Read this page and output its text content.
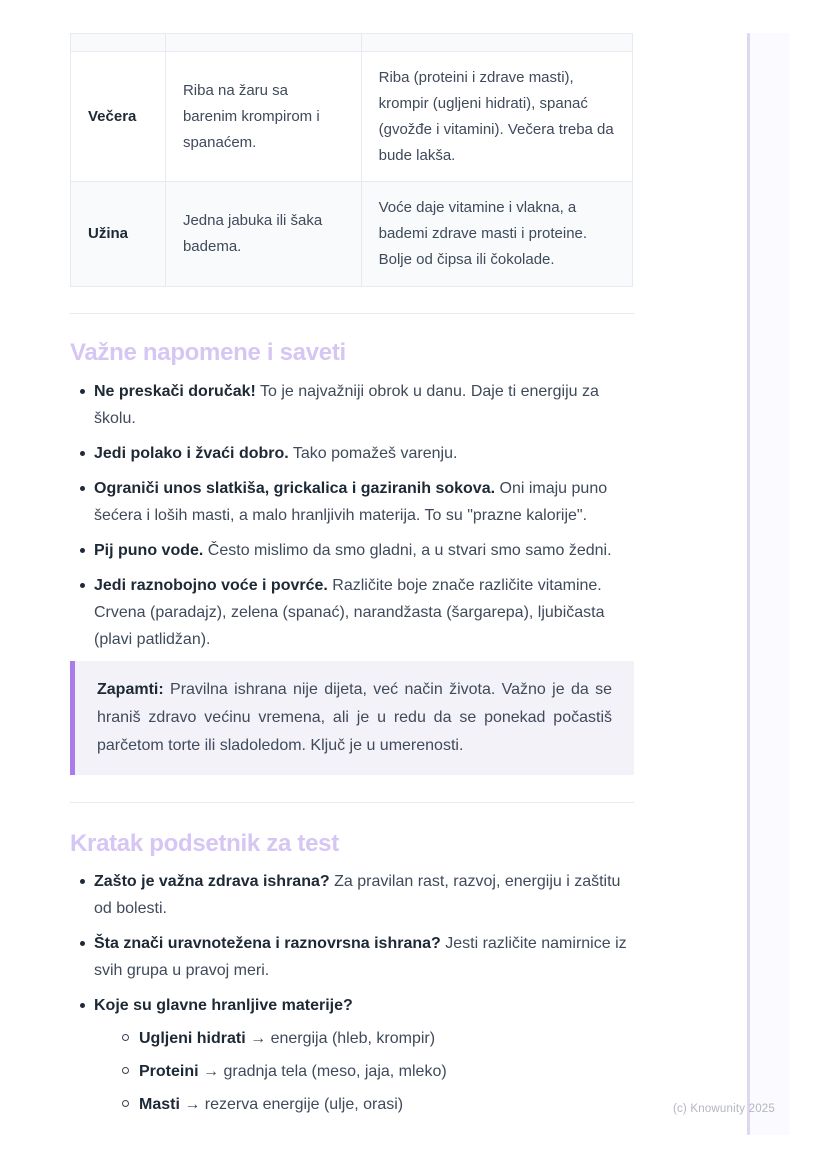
Večera	Riba na žaru sa barenim krompirom i spanaćem.	Riba (proteini i zdrave masti), krompir (ugljeni hidrati), spanać (gvožđe i vitamini). Večera treba da bude lakša.
Užina	Jedna jabuka ili šaka badema.	Voće daje vitamine i vlakna, a bademi zdrave masti i proteine. Bolje od čipsa ili čokolade.
Važne napomene i saveti
Ne preskači doručak! To je najvažniji obrok u danu. Daje ti energiju za školu.
Jedi polako i žvaći dobro. Tako pomažeš varenju.
Ograniči unos slatkiša, grickalica i gaziranih sokova. Oni imaju puno šećera i loših masti, a malo hranljivih materija. To su "prazne kalorije".
Pij puno vode. Često mislimo da smo gladni, a u stvari smo samo žedni.
Jedi raznobojno voće i povrće. Različite boje znače različite vitamine. Crvena (paradajz), zelena (spanać), narandžasta (šargarepa), ljubičasta (plavi patlidžan).
Zapamti: Pravilna ishrana nije dijeta, već način života. Važno je da se hraniš zdravo većinu vremena, ali je u redu da se ponekad počastiš parčetom torte ili sladoledom. Ključ je u umerenosti.
Kratak podsetnik za test
Zašto je važna zdrava ishrana? Za pravilan rast, razvoj, energiju i zaštitu od bolesti.
Šta znači uravnotežena i raznovrsna ishrana? Jesti različite namirnice iz svih grupa u pravoj meri.
Koje su glavne hranljive materije?
Ugljeni hidrati → energija (hleb, krompir)
Proteini → gradnja tela (meso, jaja, mleko)
Masti → rezerva energije (ulje, orasi)	(c) Knowunity 2025
